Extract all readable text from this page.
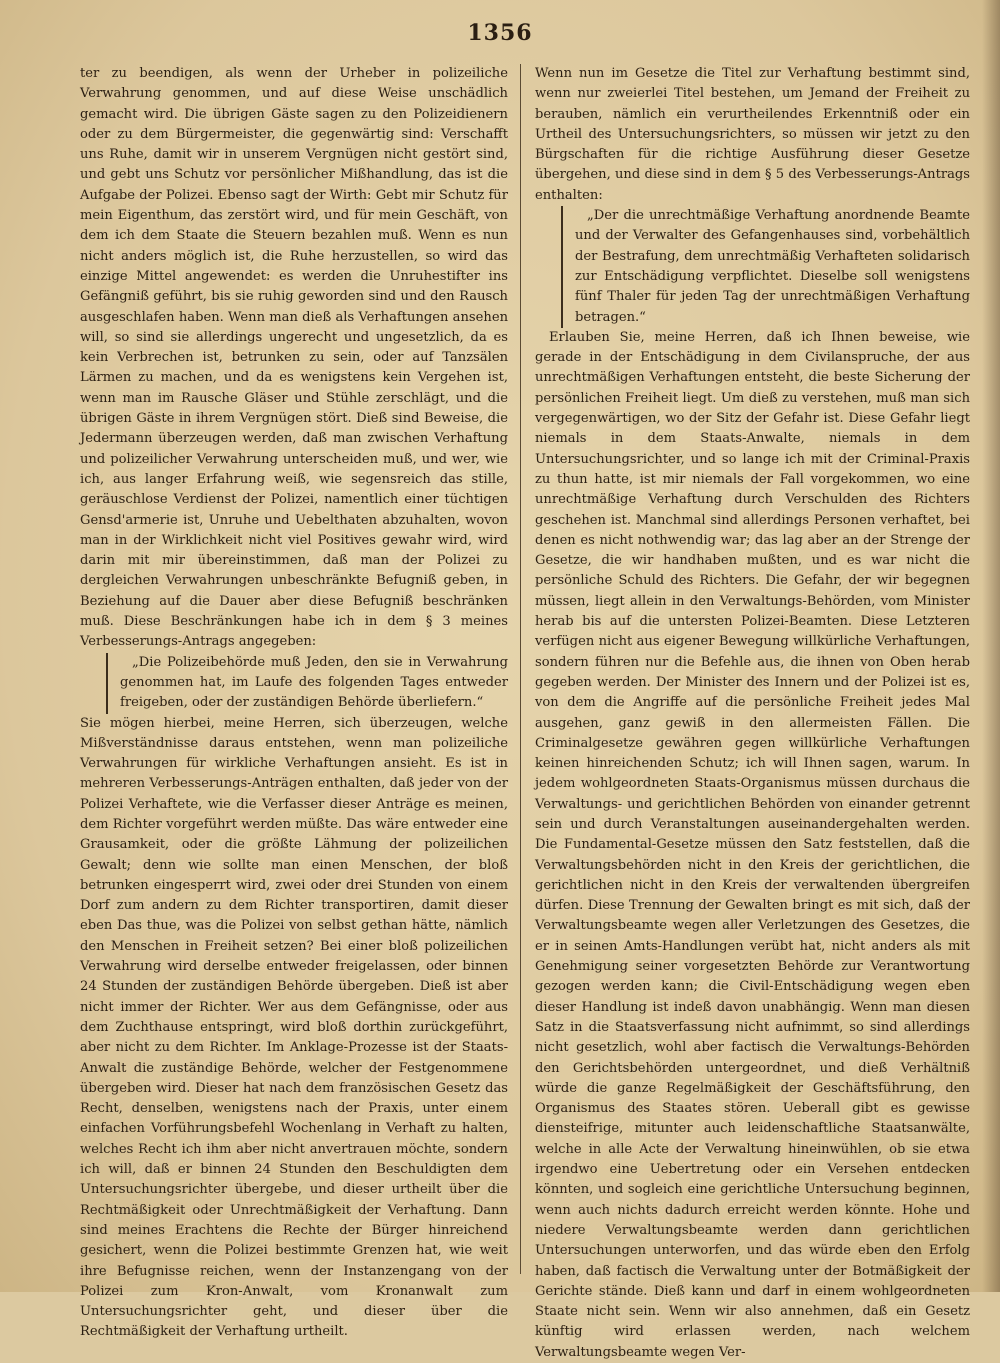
1356

ter zu beendigen, als wenn der Urheber in polizeiliche Verwahrung genommen, und auf diese Weise unschädlich gemacht wird. Die übrigen Gäste sagen zu den Polizeidienern oder zu dem Bürgermeister, die gegenwärtig sind: Verschafft uns Ruhe, damit wir in unserem Vergnügen nicht gestört sind, und gebt uns Schutz vor persönlicher Mißhandlung, das ist die Aufgabe der Polizei. Ebenso sagt der Wirth: Gebt mir Schutz für mein Eigenthum, das zerstört wird, und für mein Geschäft, von dem ich dem Staate die Steuern bezahlen muß. Wenn es nun nicht anders möglich ist, die Ruhe herzustellen, so wird das einzige Mittel angewendet: es werden die Unruhestifter ins Gefängniß geführt, bis sie ruhig geworden sind und den Rausch ausgeschlafen haben. Wenn man dieß als Verhaftungen ansehen will, so sind sie allerdings ungerecht und ungesetzlich, da es kein Verbrechen ist, betrunken zu sein, oder auf Tanzsälen Lärmen zu machen, und da es wenigstens kein Vergehen ist, wenn man im Rausche Gläser und Stühle zerschlägt, und die übrigen Gäste in ihrem Vergnügen stört. Dieß sind Beweise, die Jedermann überzeugen werden, daß man zwischen Verhaftung und polizeilicher Verwahrung unterscheiden muß, und wer, wie ich, aus langer Erfahrung weiß, wie segensreich das stille, geräuschlose Verdienst der Polizei, namentlich einer tüchtigen Gensd'armerie ist, Unruhe und Uebelthaten abzuhalten, wovon man in der Wirklichkeit nicht viel Positives gewahr wird, wird darin mit mir übereinstimmen, daß man der Polizei zu dergleichen Verwahrungen unbeschränkte Befugniß geben, in Beziehung auf die Dauer aber diese Befugniß beschränken muß. Diese Beschränkungen habe ich in dem § 3 meines Verbesserungs-Antrags angegeben:

„Die Polizeibehörde muß Jeden, den sie in Verwahrung genommen hat, im Laufe des folgenden Tages entweder freigeben, oder der zuständigen Behörde überliefern.“

Sie mögen hierbei, meine Herren, sich überzeugen, welche Mißverständnisse daraus entstehen, wenn man polizeiliche Verwahrungen für wirkliche Verhaftungen ansieht. Es ist in mehreren Verbesserungs-Anträgen enthalten, daß jeder von der Polizei Verhaftete, wie die Verfasser dieser Anträge es meinen, dem Richter vorgeführt werden müßte. Das wäre entweder eine Grausamkeit, oder die größte Lähmung der polizeilichen Gewalt; denn wie sollte man einen Menschen, der bloß betrunken eingesperrt wird, zwei oder drei Stunden von einem Dorf zum andern zu dem Richter transportiren, damit dieser eben Das thue, was die Polizei von selbst gethan hätte, nämlich den Menschen in Freiheit setzen? Bei einer bloß polizeilichen Verwahrung wird derselbe entweder freigelassen, oder binnen 24 Stunden der zuständigen Behörde übergeben. Dieß ist aber nicht immer der Richter. Wer aus dem Gefängnisse, oder aus dem Zuchthause entspringt, wird bloß dorthin zurückgeführt, aber nicht zu dem Richter. Im Anklage-Prozesse ist der Staats-Anwalt die zuständige Behörde, welcher der Festgenommene übergeben wird. Dieser hat nach dem französischen Gesetz das Recht, denselben, wenigstens nach der Praxis, unter einem einfachen Vorführungsbefehl Wochenlang in Verhaft zu halten, welches Recht ich ihm aber nicht anvertrauen möchte, sondern ich will, daß er binnen 24 Stunden den Beschuldigten dem Untersuchungsrichter übergebe, und dieser urtheilt über die Rechtmäßigkeit oder Unrechtmäßigkeit der Verhaftung. Dann sind meines Erachtens die Rechte der Bürger hinreichend gesichert, wenn die Polizei bestimmte Grenzen hat, wie weit ihre Befugnisse reichen, wenn der Instanzengang von der Polizei zum Kron-Anwalt, vom Kronanwalt zum Untersuchungsrichter geht, und dieser über die Rechtmäßigkeit der Verhaftung urtheilt.

Wenn nun im Gesetze die Titel zur Verhaftung bestimmt sind, wenn nur zweierlei Titel bestehen, um Jemand der Freiheit zu berauben, nämlich ein verurtheilendes Erkenntniß oder ein Urtheil des Untersuchungsrichters, so müssen wir jetzt zu den Bürgschaften für die richtige Ausführung dieser Gesetze übergehen, und diese sind in dem § 5 des Verbesserungs-Antrags enthalten:

„Der die unrechtmäßige Verhaftung anordnende Beamte und der Verwalter des Gefangenhauses sind, vorbehältlich der Bestrafung, dem unrechtmäßig Verhafteten solidarisch zur Entschädigung verpflichtet. Dieselbe soll wenigstens fünf Thaler für jeden Tag der unrechtmäßigen Verhaftung betragen.“

Erlauben Sie, meine Herren, daß ich Ihnen beweise, wie gerade in der Entschädigung in dem Civilanspruche, der aus unrechtmäßigen Verhaftungen entsteht, die beste Sicherung der persönlichen Freiheit liegt. Um dieß zu verstehen, muß man sich vergegenwärtigen, wo der Sitz der Gefahr ist. Diese Gefahr liegt niemals in dem Staats-Anwalte, niemals in dem Untersuchungsrichter, und so lange ich mit der Criminal-Praxis zu thun hatte, ist mir niemals der Fall vorgekommen, wo eine unrechtmäßige Verhaftung durch Verschulden des Richters geschehen ist. Manchmal sind allerdings Personen verhaftet, bei denen es nicht nothwendig war; das lag aber an der Strenge der Gesetze, die wir handhaben mußten, und es war nicht die persönliche Schuld des Richters. Die Gefahr, der wir begegnen müssen, liegt allein in den Verwaltungs-Behörden, vom Minister herab bis auf die untersten Polizei-Beamten. Diese Letzteren verfügen nicht aus eigener Bewegung willkürliche Verhaftungen, sondern führen nur die Befehle aus, die ihnen von Oben herab gegeben werden. Der Minister des Innern und der Polizei ist es, von dem die Angriffe auf die persönliche Freiheit jedes Mal ausgehen, ganz gewiß in den allermeisten Fällen. Die Criminalgesetze gewähren gegen willkürliche Verhaftungen keinen hinreichenden Schutz; ich will Ihnen sagen, warum. In jedem wohlgeordneten Staats-Organismus müssen durchaus die Verwaltungs- und gerichtlichen Behörden von einander getrennt sein und durch Veranstaltungen auseinandergehalten werden. Die Fundamental-Gesetze müssen den Satz feststellen, daß die Verwaltungsbehörden nicht in den Kreis der gerichtlichen, die gerichtlichen nicht in den Kreis der verwaltenden übergreifen dürfen. Diese Trennung der Gewalten bringt es mit sich, daß der Verwaltungsbeamte wegen aller Verletzungen des Gesetzes, die er in seinen Amts-Handlungen verübt hat, nicht anders als mit Genehmigung seiner vorgesetzten Behörde zur Verantwortung gezogen werden kann; die Civil-Entschädigung wegen eben dieser Handlung ist indeß davon unabhängig. Wenn man diesen Satz in die Staatsverfassung nicht aufnimmt, so sind allerdings nicht gesetzlich, wohl aber factisch die Verwaltungs-Behörden den Gerichtsbehörden untergeordnet, und dieß Verhältniß würde die ganze Regelmäßigkeit der Geschäftsführung, den Organismus des Staates stören. Ueberall gibt es gewisse diensteifrige, mitunter auch leidenschaftliche Staatsanwälte, welche in alle Acte der Verwaltung hineinwühlen, ob sie etwa irgendwo eine Uebertretung oder ein Versehen entdecken könnten, und sogleich eine gerichtliche Untersuchung beginnen, wenn auch nichts dadurch erreicht werden könnte. Hohe und niedere Verwaltungsbeamte werden dann gerichtlichen Untersuchungen unterworfen, und das würde eben den Erfolg haben, daß factisch die Verwaltung unter der Botmäßigkeit der Gerichte stände. Dieß kann und darf in einem wohlgeordneten Staate nicht sein. Wenn wir also annehmen, daß ein Gesetz künftig wird erlassen werden, nach welchem Verwaltungsbeamte wegen Ver-
